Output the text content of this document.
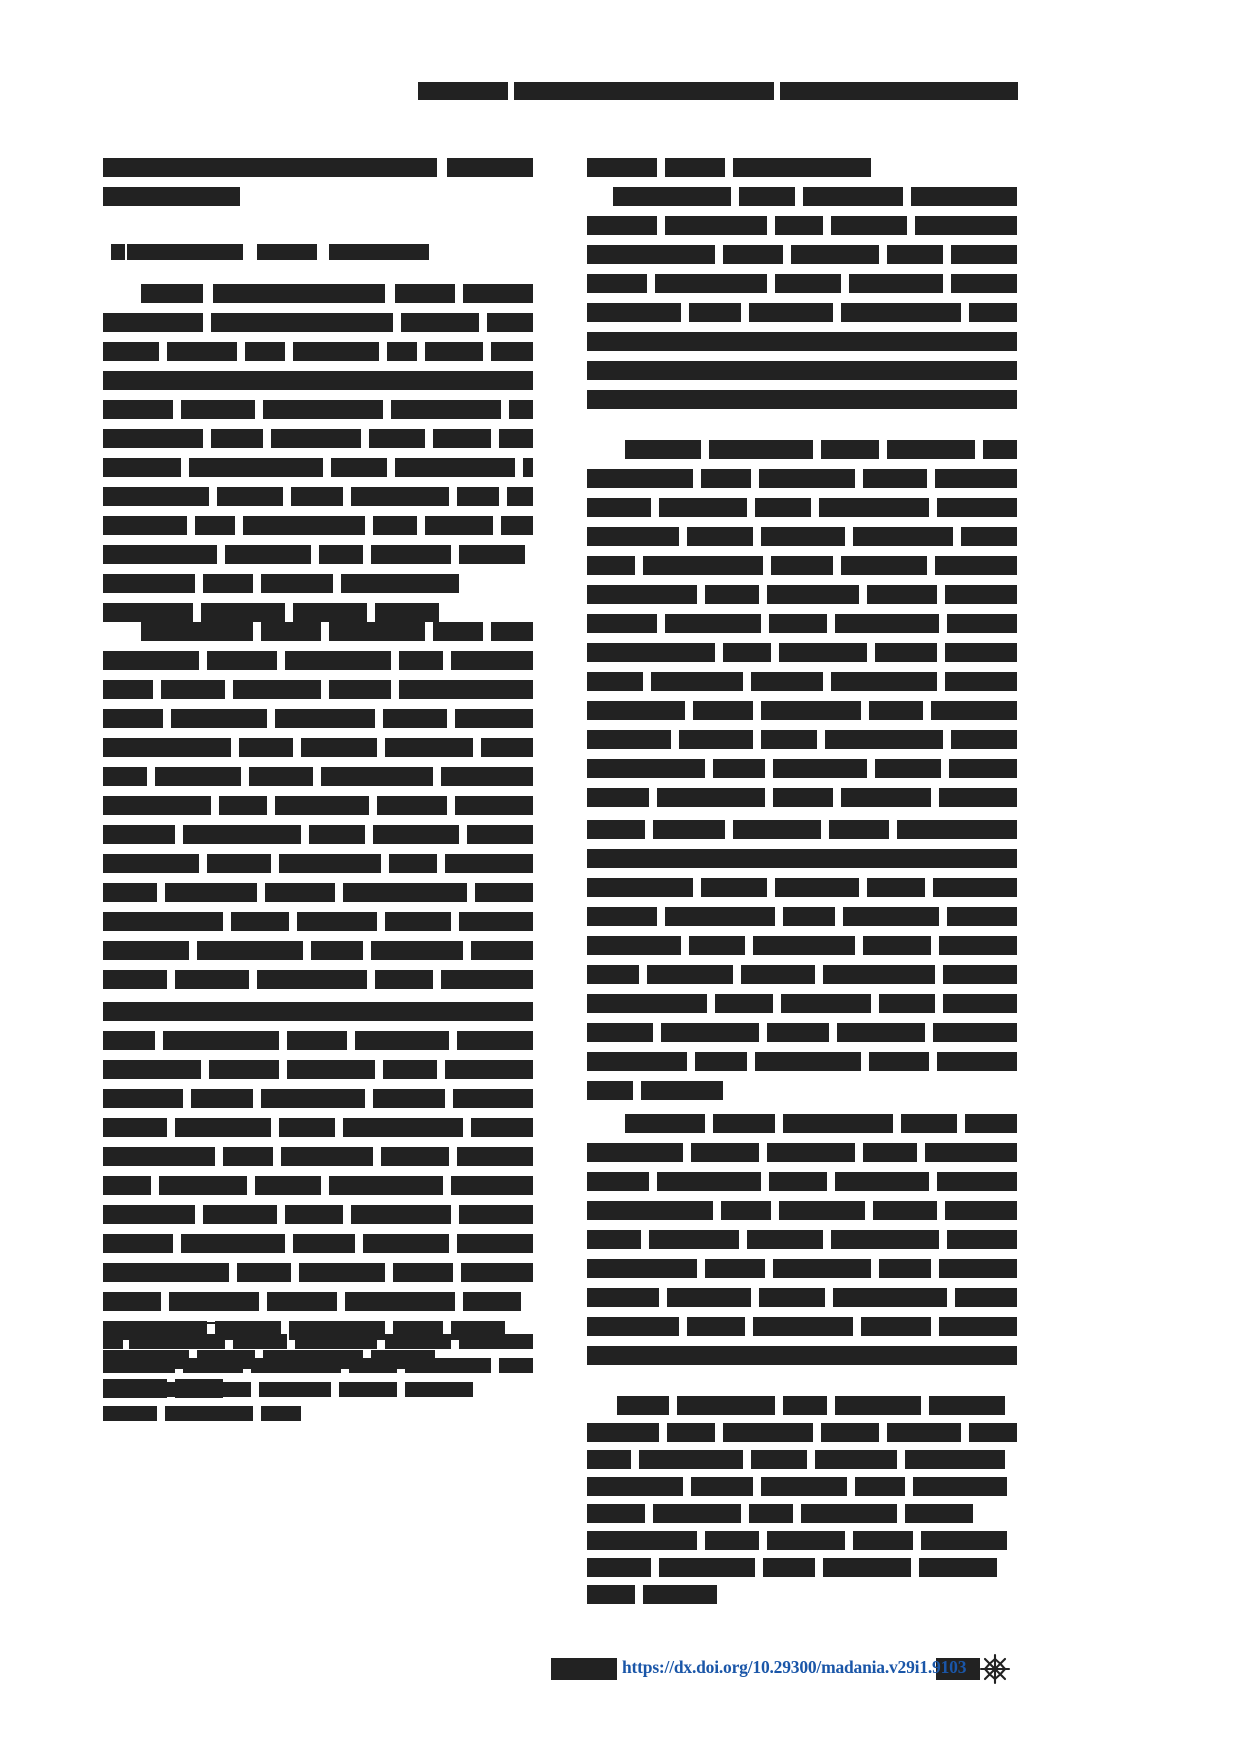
https://dx.doi.org/10.29300/madania.v29i1.9103
